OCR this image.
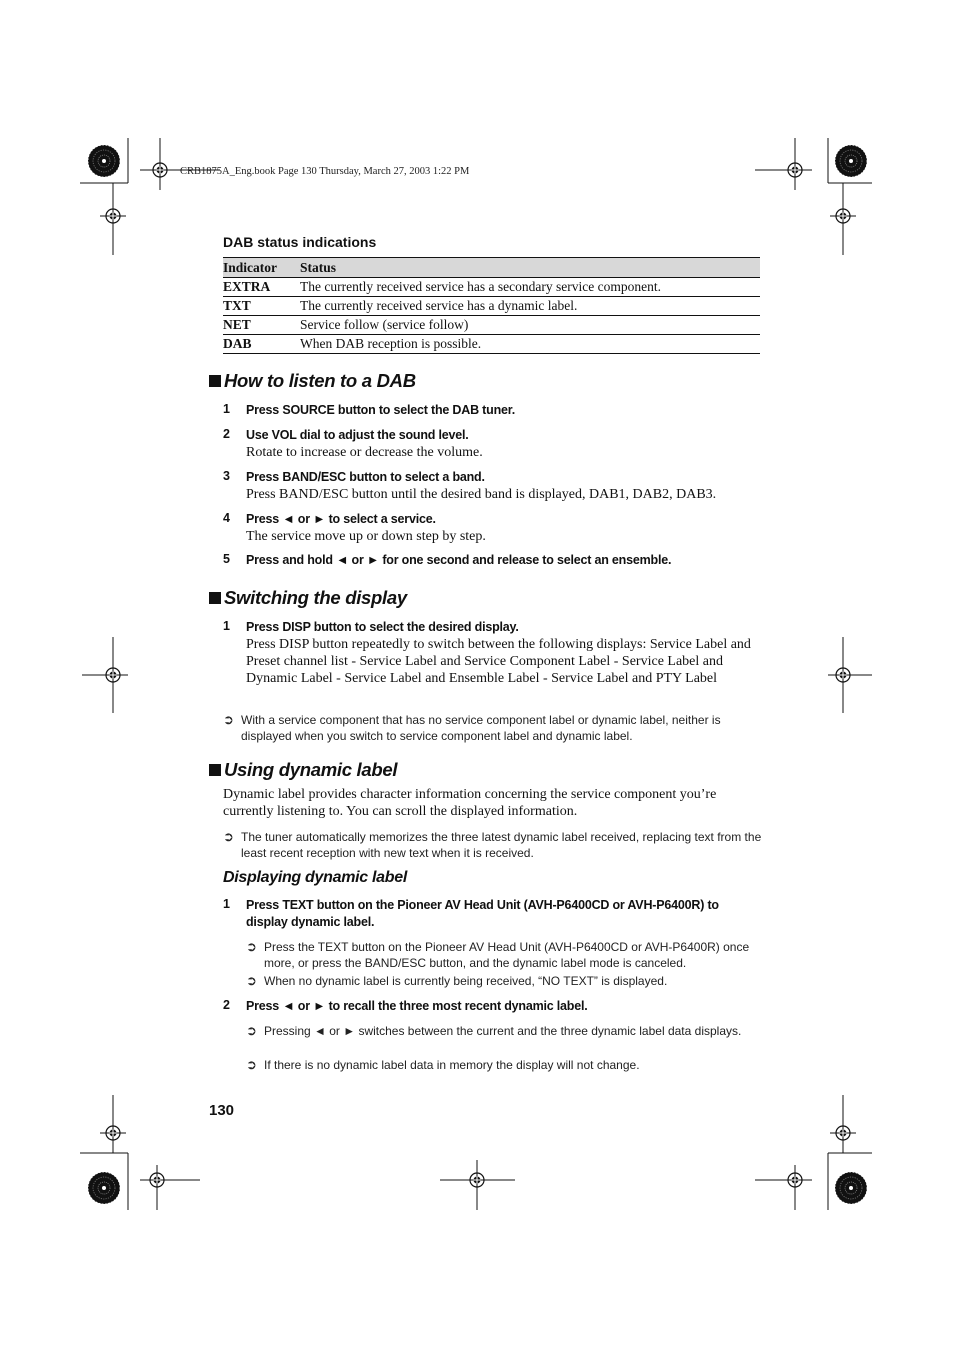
CRB1875A_Eng.book Page 130 Thursday, March 27, 2003 1:22 PM
DAB status indications
Indicator	Status
EXTRA	The currently received service has a secondary service component.
TXT	The currently received service has a dynamic label.
NET	Service follow (service follow)
DAB	When DAB reception is possible.
How to listen to a DAB
1 Press SOURCE button to select the DAB tuner.
2 Use VOL dial to adjust the sound level.
Rotate to increase or decrease the volume.
3 Press BAND/ESC button to select a band.
Press BAND/ESC button until the desired band is displayed, DAB1, DAB2, DAB3.
4 Press ◄ or ► to select a service.
The service move up or down step by step.
5 Press and hold ◄ or ► for one second and release to select an ensemble.
Switching the display
1 Press DISP button to select the desired display.
Press DISP button repeatedly to switch between the following displays: Service Label and Preset channel list - Service Label and Service Component Label - Service Label and Dynamic Label - Service Label and Ensemble Label - Service Label and PTY Label
➲ With a service component that has no service component label or dynamic label, neither is displayed when you switch to service component label and dynamic label.
Using dynamic label
Dynamic label provides character information concerning the service component you’re currently listening to. You can scroll the displayed information.
➲ The tuner automatically memorizes the three latest dynamic label received, replacing text from the least recent reception with new text when it is received.
Displaying dynamic label
1 Press TEXT button on the Pioneer AV Head Unit (AVH-P6400CD or AVH-P6400R) to display dynamic label.
➲ Press the TEXT button on the Pioneer AV Head Unit (AVH-P6400CD or AVH-P6400R) once more, or press the BAND/ESC button, and the dynamic label mode is canceled.
➲ When no dynamic label is currently being received, “NO TEXT” is displayed.
2 Press ◄ or ► to recall the three most recent dynamic label.
➲ Pressing ◄ or ► switches between the current and the three dynamic label data displays.
➲ If there is no dynamic label data in memory the display will not change.
130
